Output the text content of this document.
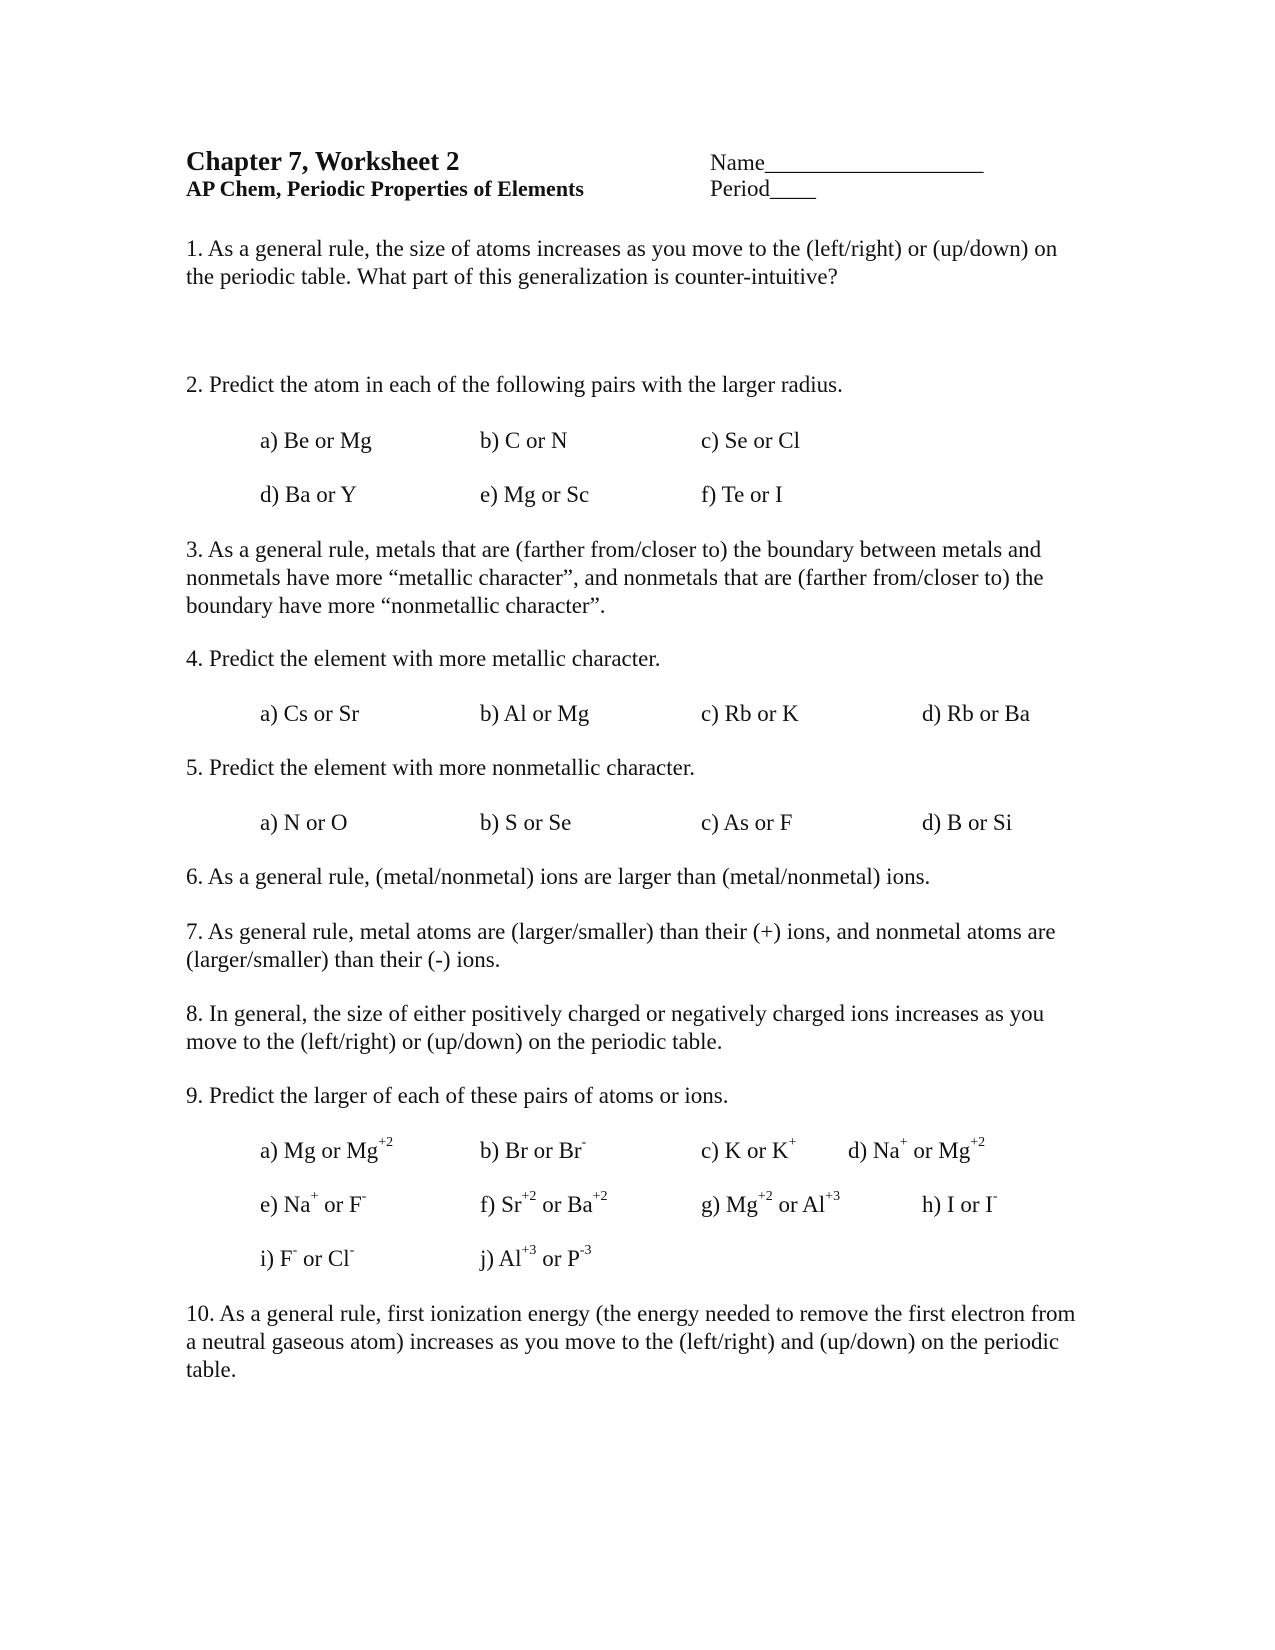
Chapter 7, Worksheet 2	Name___________________
AP Chem, Periodic Properties of Elements	Period____

1. As a general rule, the size of atoms increases as you move to the (left/right) or (up/down) on the periodic table. What part of this generalization is counter-intuitive?

2. Predict the atom in each of the following pairs with the larger radius.

a) Be or Mg	b) C or N	c) Se or Cl
d) Ba or Y	e) Mg or Sc	f) Te or I

3. As a general rule, metals that are (farther from/closer to) the boundary between metals and nonmetals have more “metallic character”, and nonmetals that are (farther from/closer to) the boundary have more “nonmetallic character”.

4. Predict the element with more metallic character.

a) Cs or Sr	b) Al or Mg	c) Rb or K	d) Rb or Ba

5. Predict the element with more nonmetallic character.

a) N or O	b) S or Se	c) As or F	d) B or Si

6. As a general rule, (metal/nonmetal) ions are larger than (metal/nonmetal) ions.

7. As general rule, metal atoms are (larger/smaller) than their (+) ions, and nonmetal atoms are (larger/smaller) than their (-) ions.

8. In general, the size of either positively charged or negatively charged ions increases as you move to the (left/right) or (up/down) on the periodic table.

9. Predict the larger of each of these pairs of atoms or ions.

a) Mg or $Mg^{+2}$	b) Br or Br-	c) K or K+ d) Na+ or $Mg^{+2}$
e) Na+ or F-	f) $Sr^{+2}$ or $Ba^{+2}$	g) $Mg^{+2}$ or $Al^{+3}$	h) I or I-
i) F- or Cl-	j) $Al^{+3}$ or $P^{-3}$

10. As a general rule, first ionization energy (the energy needed to remove the first electron from a neutral gaseous atom) increases as you move to the (left/right) and (up/down) on the periodic table.
